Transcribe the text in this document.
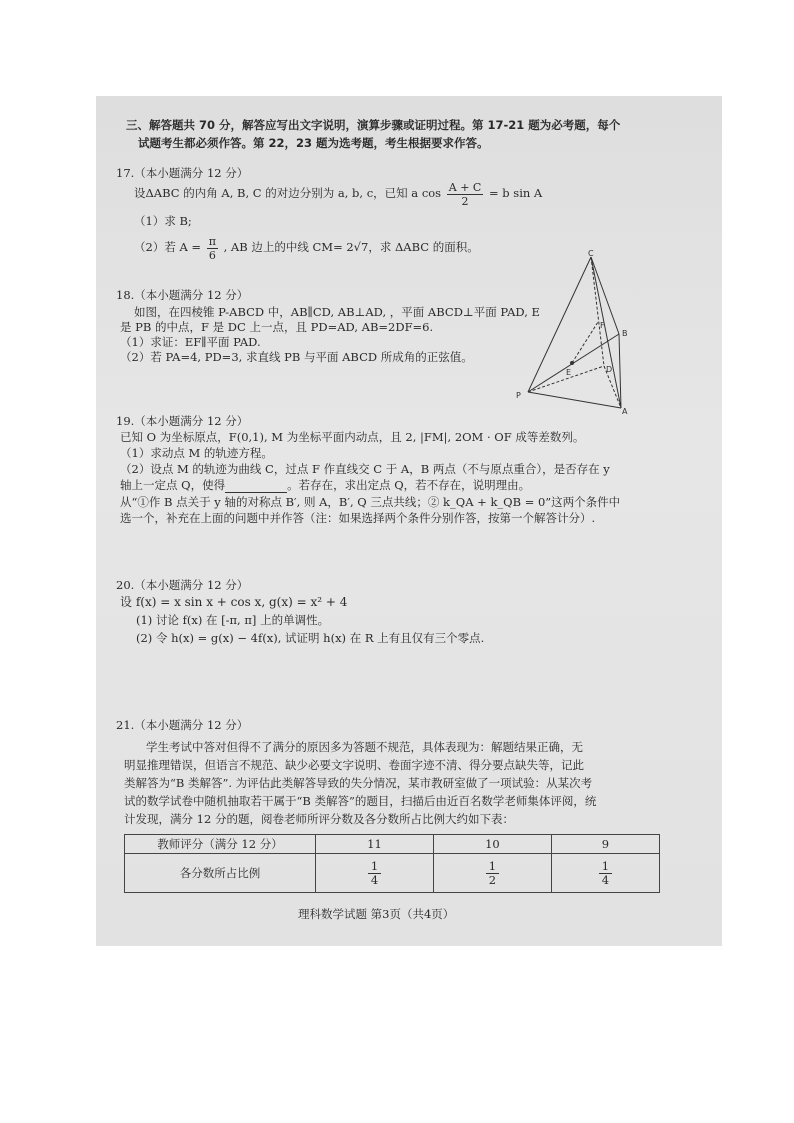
三、解答题共 70 分，解答应写出文字说明，演算步骤或证明过程。第 17-21 题为必考题，每个
试题考生都必须作答。第 22，23 题为选考题，考生根据要求作答。
17.（本小题满分 12 分）
设ΔABC 的内角 A, B, C 的对边分别为 a, b, c，已知 a $\cos \frac{A + C}{2} = b$ sin A
（1）求 B;
（2）若 $A = \frac{\pi}{6}$ , AB 边上的中线 CM= 2√7，求 ΔABC 的面积。
18.（本小题满分 12 分）
如图，在四棱锥 P-ABCD 中，AB∥CD, AB⊥AD, ，平面 ABCD⊥平面 PAD, E
是 PB 的中点，F 是 DC 上一点，且 PD=AD, AB=2DF=6.
（1）求证：EF∥平面 PAD.
（2）若 PA=4, PD=3, 求直线 PB 与平面 ABCD 所成角的正弦值。
19.（本小题满分 12 分）
已知 O 为坐标原点，F(0,1), M 为坐标平面内动点，且 2, |FM|, 2OM · OF 成等差数列。
（1）求动点 M 的轨迹方程。
（2）设点 M 的轨迹为曲线 C，过点 F 作直线交 C 于 A，B 两点（不与原点重合），是否存在 y
轴上一定点 Q，使得	。若存在，求出定点 Q，若不存在，说明理由。
从“①作 B 点关于 y 轴的对称点 B′, 则 A，B′, Q 三点共线；② k_QA + k_QB = 0”这两个条件中
选一个，补充在上面的问题中并作答（注：如果选择两个条件分别作答，按第一个解答计分）.
20.（本小题满分 12 分）
设 f(x) = x sin x + cos x, g(x) = x² + 4
(1) 讨论 f(x) 在 [-π, π] 上的单调性。
(2) 令 h(x) = g(x) − 4f(x), 试证明 h(x) 在 R 上有且仅有三个零点.
21.（本小题满分 12 分）
学生考试中答对但得不了满分的原因多为答题不规范，具体表现为：解题结果正确，无
明显推理错误，但语言不规范、缺少必要文字说明、卷面字迹不清、得分要点缺失等，记此
类解答为“B 类解答”. 为评估此类解答导致的失分情况，某市教研室做了一项试验：从某次考
试的数学试卷中随机抽取若干属于“B 类解答”的题目，扫描后由近百名数学老师集体评阅，统
计发现，满分 12 分的题，阅卷老师所评分数及各分数所占比例大约如下表：
教师评分（满分 12 分）	11	10	9
各分数所占比例	$\frac{1}{4}$	$\frac{1}{2}$	$\frac{1}{4}$
理科数学试题 第3页（共4页）
C
F
B
E	D
P
A
